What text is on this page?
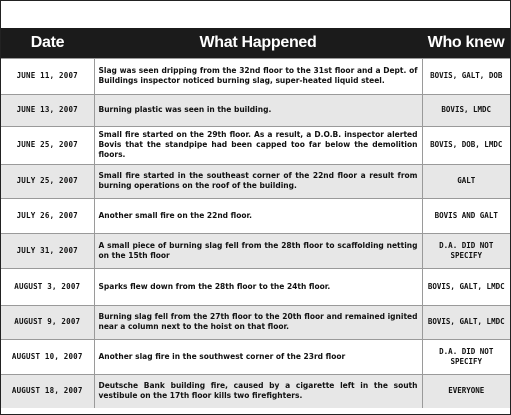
Date	What Happened	Who knew
JUNE 11, 2007	Slag was seen dripping from the 32nd floor to the 31st floor and a Dept. of Buildings inspector noticed burning slag, super-heated liquid steel.	BOVIS, GALT, DOB
JUNE 13, 2007	Burning plastic was seen in the building.	BOVIS, LMDC
JUNE 25, 2007	Small fire started on the 29th floor. As a result, a D.O.B. inspector alerted Bovis that the standpipe had been capped too far below the demolition floors.	BOVIS, DOB, LMDC
JULY 25, 2007	Small fire started in the southeast corner of the 22nd floor a result from burning operations on the roof of the building.	GALT
JULY 26, 2007	Another small fire on the 22nd floor.	BOVIS AND GALT
JULY 31, 2007	A small piece of burning slag fell from the 28th floor to scaffolding netting on the 15th floor	D.A. DID NOT SPECIFY
AUGUST 3, 2007	Sparks flew down from the 28th floor to the 24th floor.	BOVIS, GALT, LMDC
AUGUST 9, 2007	Burning slag fell from the 27th floor to the 20th floor and remained ignited near a column next to the hoist on that floor.	BOVIS, GALT, LMDC
AUGUST 10, 2007	Another slag fire in the southwest corner of the 23rd floor	D.A. DID NOT SPECIFY
AUGUST 18, 2007	Deutsche Bank building fire, caused by a cigarette left in the south vestibule on the 17th floor kills two firefighters.	EVERYONE
